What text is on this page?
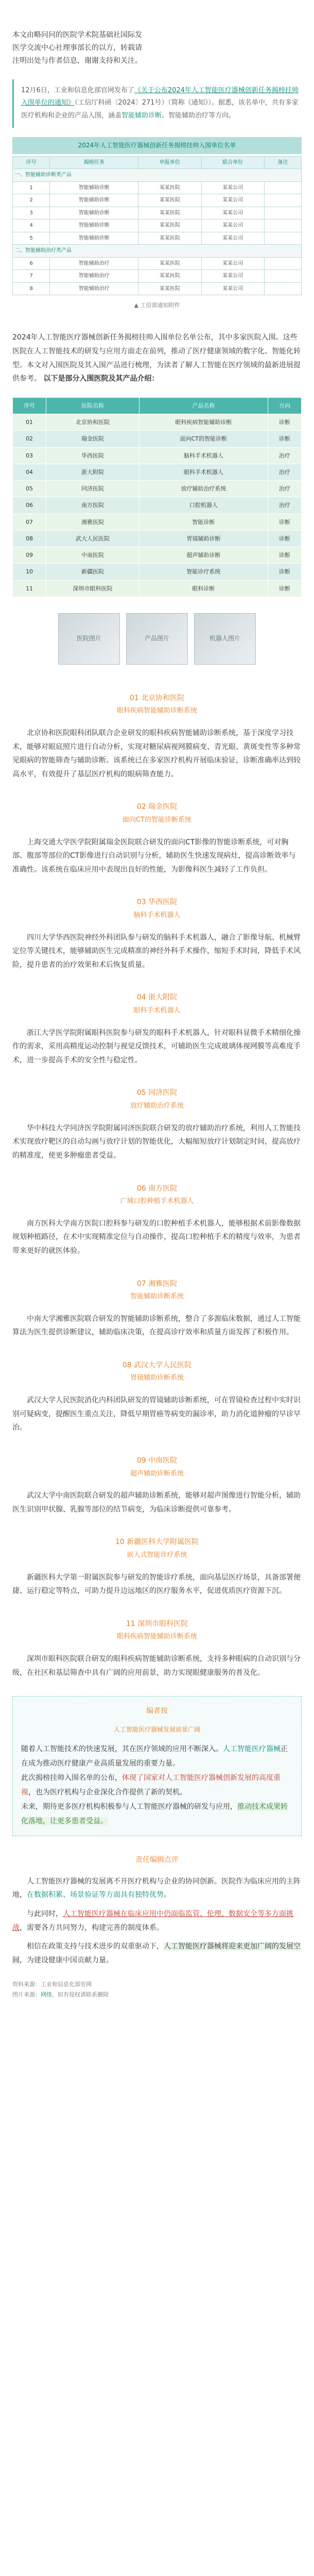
本文由略问问的医院学术院基础社国际发

医学交流中心社理事部长的以方，转载请

注明出处与作者信息，谢谢支持和关注。

12月6日，工业和信息化部官网发布了《关于公布2024年人工智能医疗器械创新任务揭榜挂帅入围单位的通知》（工信厅科函〔2024〕271号）（简称《通知》）。据悉，该名单中，共有多家医疗机构和企业的产品入围，涵盖智能辅助诊断、智能辅助治疗等方向。
2024年人工智能医疗器械创新任务揭榜挂帅入围单位名单
序号	揭榜任务	申报单位	联合单位	备注
一、智能辅助诊断类产品				
1	智能辅助诊断	某某医院	某某公司	
2	智能辅助诊断	某某医院	某某公司	
3	智能辅助诊断	某某医院	某某公司	
4	智能辅助诊断	某某医院	某某公司	
5	智能辅助诊断	某某医院	某某公司	
二、智能辅助治疗类产品				
6	智能辅助治疗	某某医院	某某公司	
7	智能辅助治疗	某某医院	某某公司	
8	智能辅助治疗	某某医院	某某公司	
▲ 工信部通知附件
2024年人工智能医疗器械创新任务揭榜挂帅入围单位名单公布，其中多家医院入围。这些医院在人工智能技术的研发与应用方面走在前列，推动了医疗健康领域的数字化、智能化转型。本文对入围医院及其入围产品进行梳理，为读者了解人工智能在医疗领域的最新进展提供参考。 以下是部分入围医院及其产品介绍：
序号	医院名称	产品名称	方向
01	北京协和医院	眼科疾病智能辅助诊断	诊断
02	瑞金医院	面向CT的智能诊断	诊断
03	华西医院	脑科手术机器人	治疗
04	浙大附院	眼科手术机器人	治疗
05	同济医院	放疗辅助治疗系统	治疗
06	南方医院	口腔机器人	治疗
07	湘雅医院	智能诊断	诊断
08	武大人民医院	胃镜辅助诊断	诊断
09	中南医院	超声辅助诊断	诊断
10	新疆医院	智能诊疗系统	诊断
11	深圳市眼科医院	眼科诊断	诊断
医院图片	产品图片	机器人图片
01 北京协和医院
眼科疾病智能辅助诊断系统
北京协和医院眼科团队联合企业研发的眼科疾病智能辅助诊断系统，基于深度学习技术，能够对眼底照片进行自动分析，实现对糖尿病视网膜病变、青光眼、黄斑变性等多种常见眼病的智能筛查与辅助诊断。该系统已在多家医疗机构开展临床验证，诊断准确率达到较高水平，有效提升了基层医疗机构的眼病筛查能力。
02 瑞金医院
面向CT的智能诊断系统
上海交通大学医学院附属瑞金医院联合研发的面向CT影像的智能诊断系统，可对胸部、腹部等部位的CT影像进行自动识别与分析，辅助医生快速发现病灶，提高诊断效率与准确性。该系统在临床应用中表现出良好的性能，为影像科医生减轻了工作负担。
03 华西医院
脑科手术机器人
四川大学华西医院神经外科团队参与研发的脑科手术机器人，融合了影像导航、机械臂定位等关键技术，能够辅助医生完成精准的神经外科手术操作，缩短手术时间，降低手术风险，提升患者的治疗效果和术后恢复质量。
04 浙大附院
眼科手术机器人
浙江大学医学院附属眼科医院参与研发的眼科手术机器人，针对眼科显微手术精细化操作的需求，采用高精度运动控制与视觉反馈技术，可辅助医生完成玻璃体视网膜等高难度手术，进一步提高手术的安全性与稳定性。
05 同济医院
放疗辅助治疗系统
华中科技大学同济医学院附属同济医院联合研发的放疗辅助治疗系统，利用人工智能技术实现放疗靶区的自动勾画与放疗计划的智能优化，大幅缩短放疗计划制定时间，提高放疗的精准度，使更多肿瘤患者受益。
06 南方医院
广域口腔种植手术机器人
南方医科大学南方医院口腔科参与研发的口腔种植手术机器人，能够根据术前影像数据规划种植路径，在术中实现精准定位与自动操作，提高口腔种植手术的精度与效率，为患者带来更好的就医体验。
07 湘雅医院
智能辅助诊断系统
中南大学湘雅医院联合研发的智能辅助诊断系统，整合了多源临床数据，通过人工智能算法为医生提供诊断建议，辅助临床决策，在提高诊疗效率和质量方面发挥了积极作用。
08 武汉大学人民医院
胃镜辅助诊断系统
武汉大学人民医院消化内科团队研发的胃镜辅助诊断系统，可在胃镜检查过程中实时识别可疑病变，提醒医生重点关注，降低早期胃癌等病变的漏诊率，助力消化道肿瘤的早诊早治。
09 中南医院
超声辅助诊断系统
武汉大学中南医院联合研发的超声辅助诊断系统，能够对超声图像进行智能分析，辅助医生识别甲状腺、乳腺等部位的结节病变，为临床诊断提供可靠参考。
10 新疆医科大学附属医院
嵌入式智能诊疗系统
新疆医科大学第一附属医院参与研发的智能诊疗系统，面向基层医疗场景，具备部署便捷、运行稳定等特点，可助力提升边远地区的医疗服务水平，促进优质医疗资源下沉。
11 深圳市眼科医院
眼科疾病智能辅助诊断系统
深圳市眼科医院联合研发的眼科疾病智能辅助诊断系统，支持多种眼病的自动识别与分级，在社区和基层筛查中具有广阔的应用前景，助力实现眼健康服务的普及化。
编者按
人工智能医疗器械发展前景广阔

随着人工智能技术的快速发展，其在医疗领域的应用不断深入。人工智能医疗器械正在成为推动医疗健康产业高质量发展的重要力量。

此次揭榜挂帅入围名单的公布，体现了国家对人工智能医疗器械创新发展的高度重视，也为医疗机构与企业深化合作提供了新的契机。

未来，期待更多医疗机构积极参与人工智能医疗器械的研发与应用，推动技术成果转化落地，让更多患者受益。

责任编辑点评

人工智能医疗器械的发展离不开医疗机构与企业的协同创新。医院作为临床应用的主阵地，在数据积累、场景验证等方面具有独特优势。

与此同时，人工智能医疗器械在临床应用中仍面临监管、伦理、数据安全等多方面挑战，需要各方共同努力，构建完善的制度体系。

相信在政策支持与技术进步的双重驱动下，人工智能医疗器械将迎来更加广阔的发展空间，为建设健康中国贡献力量。

资料来源：工业和信息化部官网
图片来源：网络，如有侵权请联系删除
